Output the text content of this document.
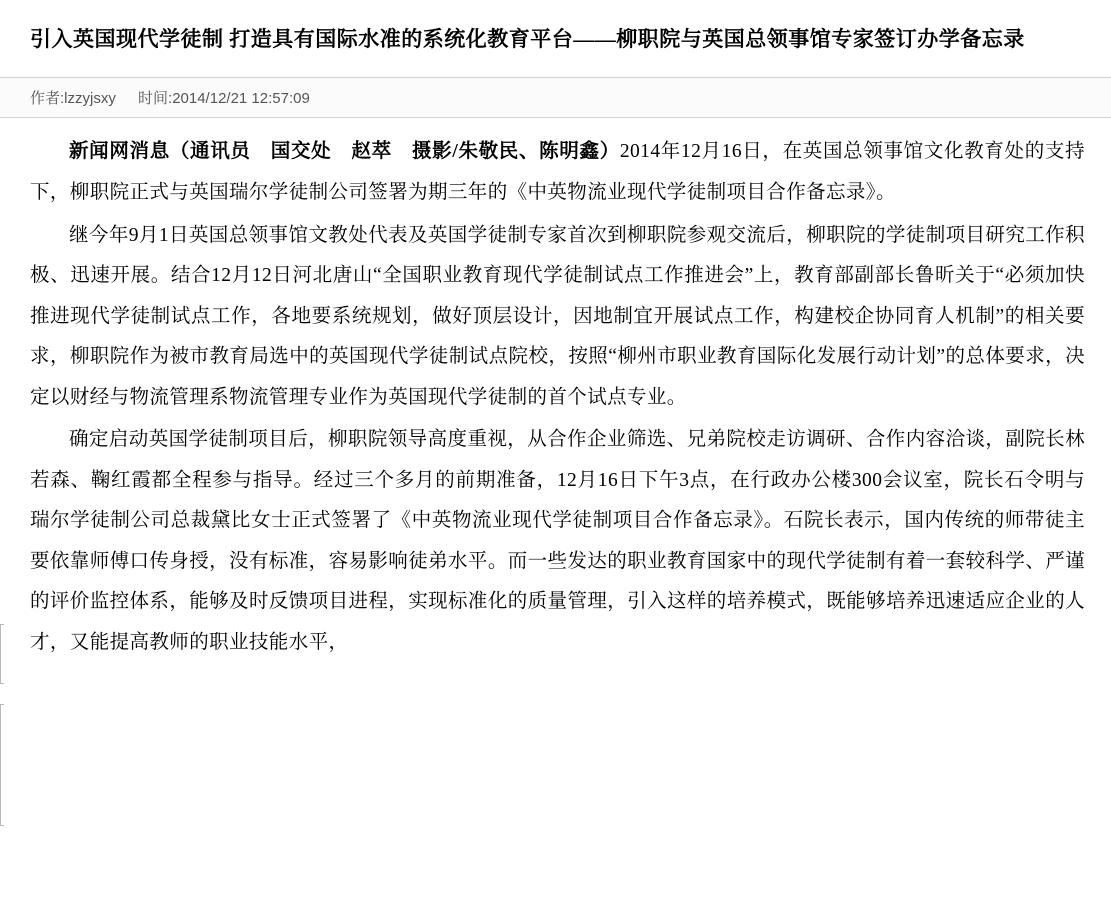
引入英国现代学徒制 打造具有国际水准的系统化教育平台——柳职院与英国总领事馆专家签订办学备忘录
作者:lzzyjsxy 时间:2014/12/21 12:57:09

新闻网消息（通讯员　国交处　赵萃　摄影/朱敬民、陈明鑫）2014年12月16日，在英国总领事馆文化教育处的支持下，柳职院正式与英国瑞尔学徒制公司签署为期三年的《中英物流业现代学徒制项目合作备忘录》。

继今年9月1日英国总领事馆文教处代表及英国学徒制专家首次到柳职院参观交流后，柳职院的学徒制项目研究工作积极、迅速开展。结合12月12日河北唐山“全国职业教育现代学徒制试点工作推进会”上，教育部副部长鲁昕关于“必须加快推进现代学徒制试点工作，各地要系统规划，做好顶层设计，因地制宜开展试点工作，构建校企协同育人机制”的相关要求，柳职院作为被市教育局选中的英国现代学徒制试点院校，按照“柳州市职业教育国际化发展行动计划”的总体要求，决定以财经与物流管理系物流管理专业作为英国现代学徒制的首个试点专业。

确定启动英国学徒制项目后，柳职院领导高度重视，从合作企业筛选、兄弟院校走访调研、合作内容洽谈，副院长林若森、鞠红霞都全程参与指导。经过三个多月的前期准备，12月16日下午3点，在行政办公楼300会议室，院长石令明与瑞尔学徒制公司总裁黛比女士正式签署了《中英物流业现代学徒制项目合作备忘录》。石院长表示，国内传统的师带徒主要依靠师傅口传身授，没有标准，容易影响徒弟水平。而一些发达的职业教育国家中的现代学徒制有着一套较科学、严谨的评价监控体系，能够及时反馈项目进程，实现标准化的质量管理，引入这样的培养模式，既能够培养迅速适应企业的人才，又能提高教师的职业技能水平，
